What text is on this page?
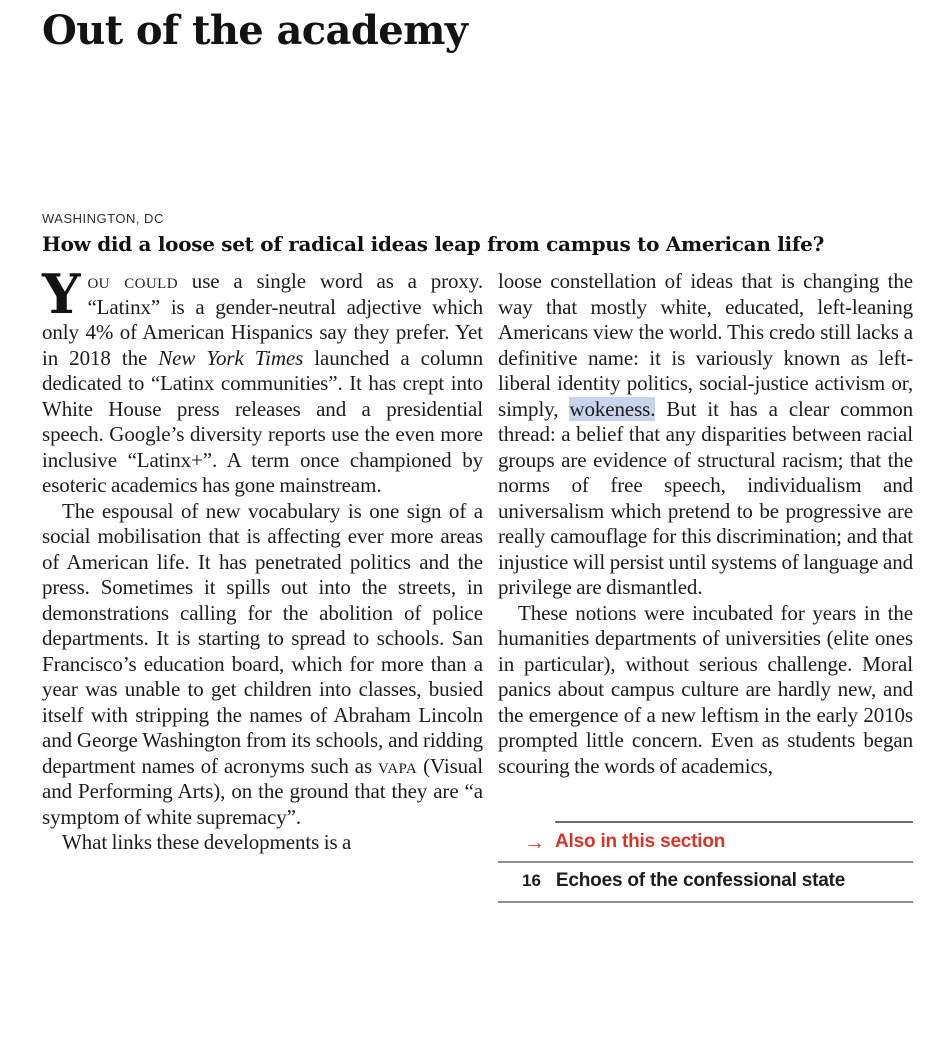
Out of the academy
WASHINGTON, DC
How did a loose set of radical ideas leap from campus to American life?

You could use a single word as a proxy. “Latinx” is a gender-neutral adjective which only 4% of American Hispanics say they prefer. Yet in 2018 the New York Times launched a column dedicated to “Latinx communities”. It has crept into White House press releases and a presidential speech. Google’s diversity reports use the even more inclusive “Latinx+”. A term once championed by esoteric academics has gone mainstream.

The espousal of new vocabulary is one sign of a social mobilisation that is affecting ever more areas of American life. It has penetrated politics and the press. Sometimes it spills out into the streets, in demonstrations calling for the abolition of police departments. It is starting to spread to schools. San Francisco’s education board, which for more than a year was unable to get children into classes, busied itself with stripping the names of Abraham Lincoln and George Washington from its schools, and ridding department names of acronyms such as vapa (Visual and Performing Arts), on the ground that they are “a symptom of white supremacy”.

What links these developments is a

loose constellation of ideas that is changing the way that mostly white, educated, left-leaning Americans view the world. This credo still lacks a definitive name: it is variously known as left-liberal identity politics, social-justice activism or, simply, wokeness. But it has a clear common thread: a belief that any disparities between racial groups are evidence of structural racism; that the norms of free speech, individualism and universalism which pretend to be progressive are really camouflage for this discrimination; and that injustice will persist until systems of language and privilege are dismantled.

These notions were incubated for years in the humanities departments of universities (elite ones in particular), without serious challenge. Moral panics about campus culture are hardly new, and the emergence of a new leftism in the early 2010s prompted little concern. Even as students began scouring the words of academics,

→ Also in this section
16 Echoes of the confessional state
